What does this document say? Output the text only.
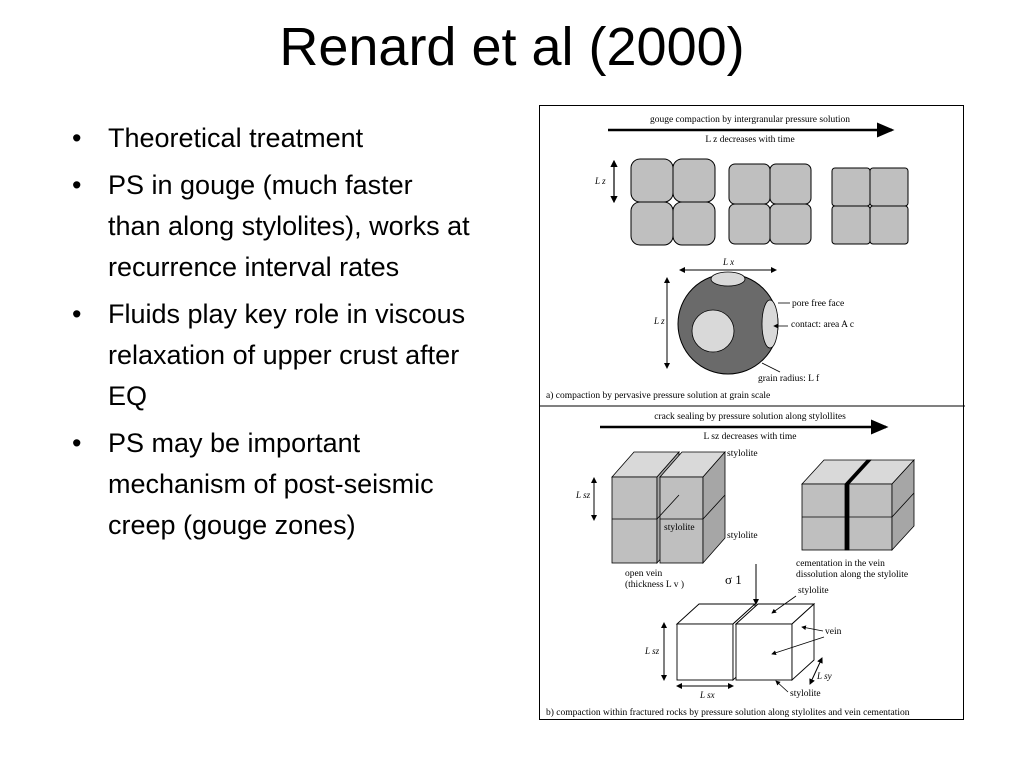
Renard et al (2000)
• Theoretical treatment
• PS in gouge (much faster than along stylolites), works at recurrence interval rates
• Fluids play key role in viscous relaxation of upper crust after EQ
• PS may be important mechanism of post-seismic creep (gouge zones)
gouge compaction by intergranular pressure solution
L z decreases with time
L z
L x
L z
pore free face
contact: area A c
grain radius: L f
a) compaction by pervasive pressure solution at grain scale
crack sealing by pressure solution along stylollites
L sz decreases with time
L sz
stylolite
stylolite
stylolite
open vein
(thickness L v )
cementation in the vein
dissolution along the stylolite
σ 1
stylolite
vein
L sz
L sx
L sy
stylolite
b) compaction within fractured rocks by pressure solution along stylolites and vein cementation
